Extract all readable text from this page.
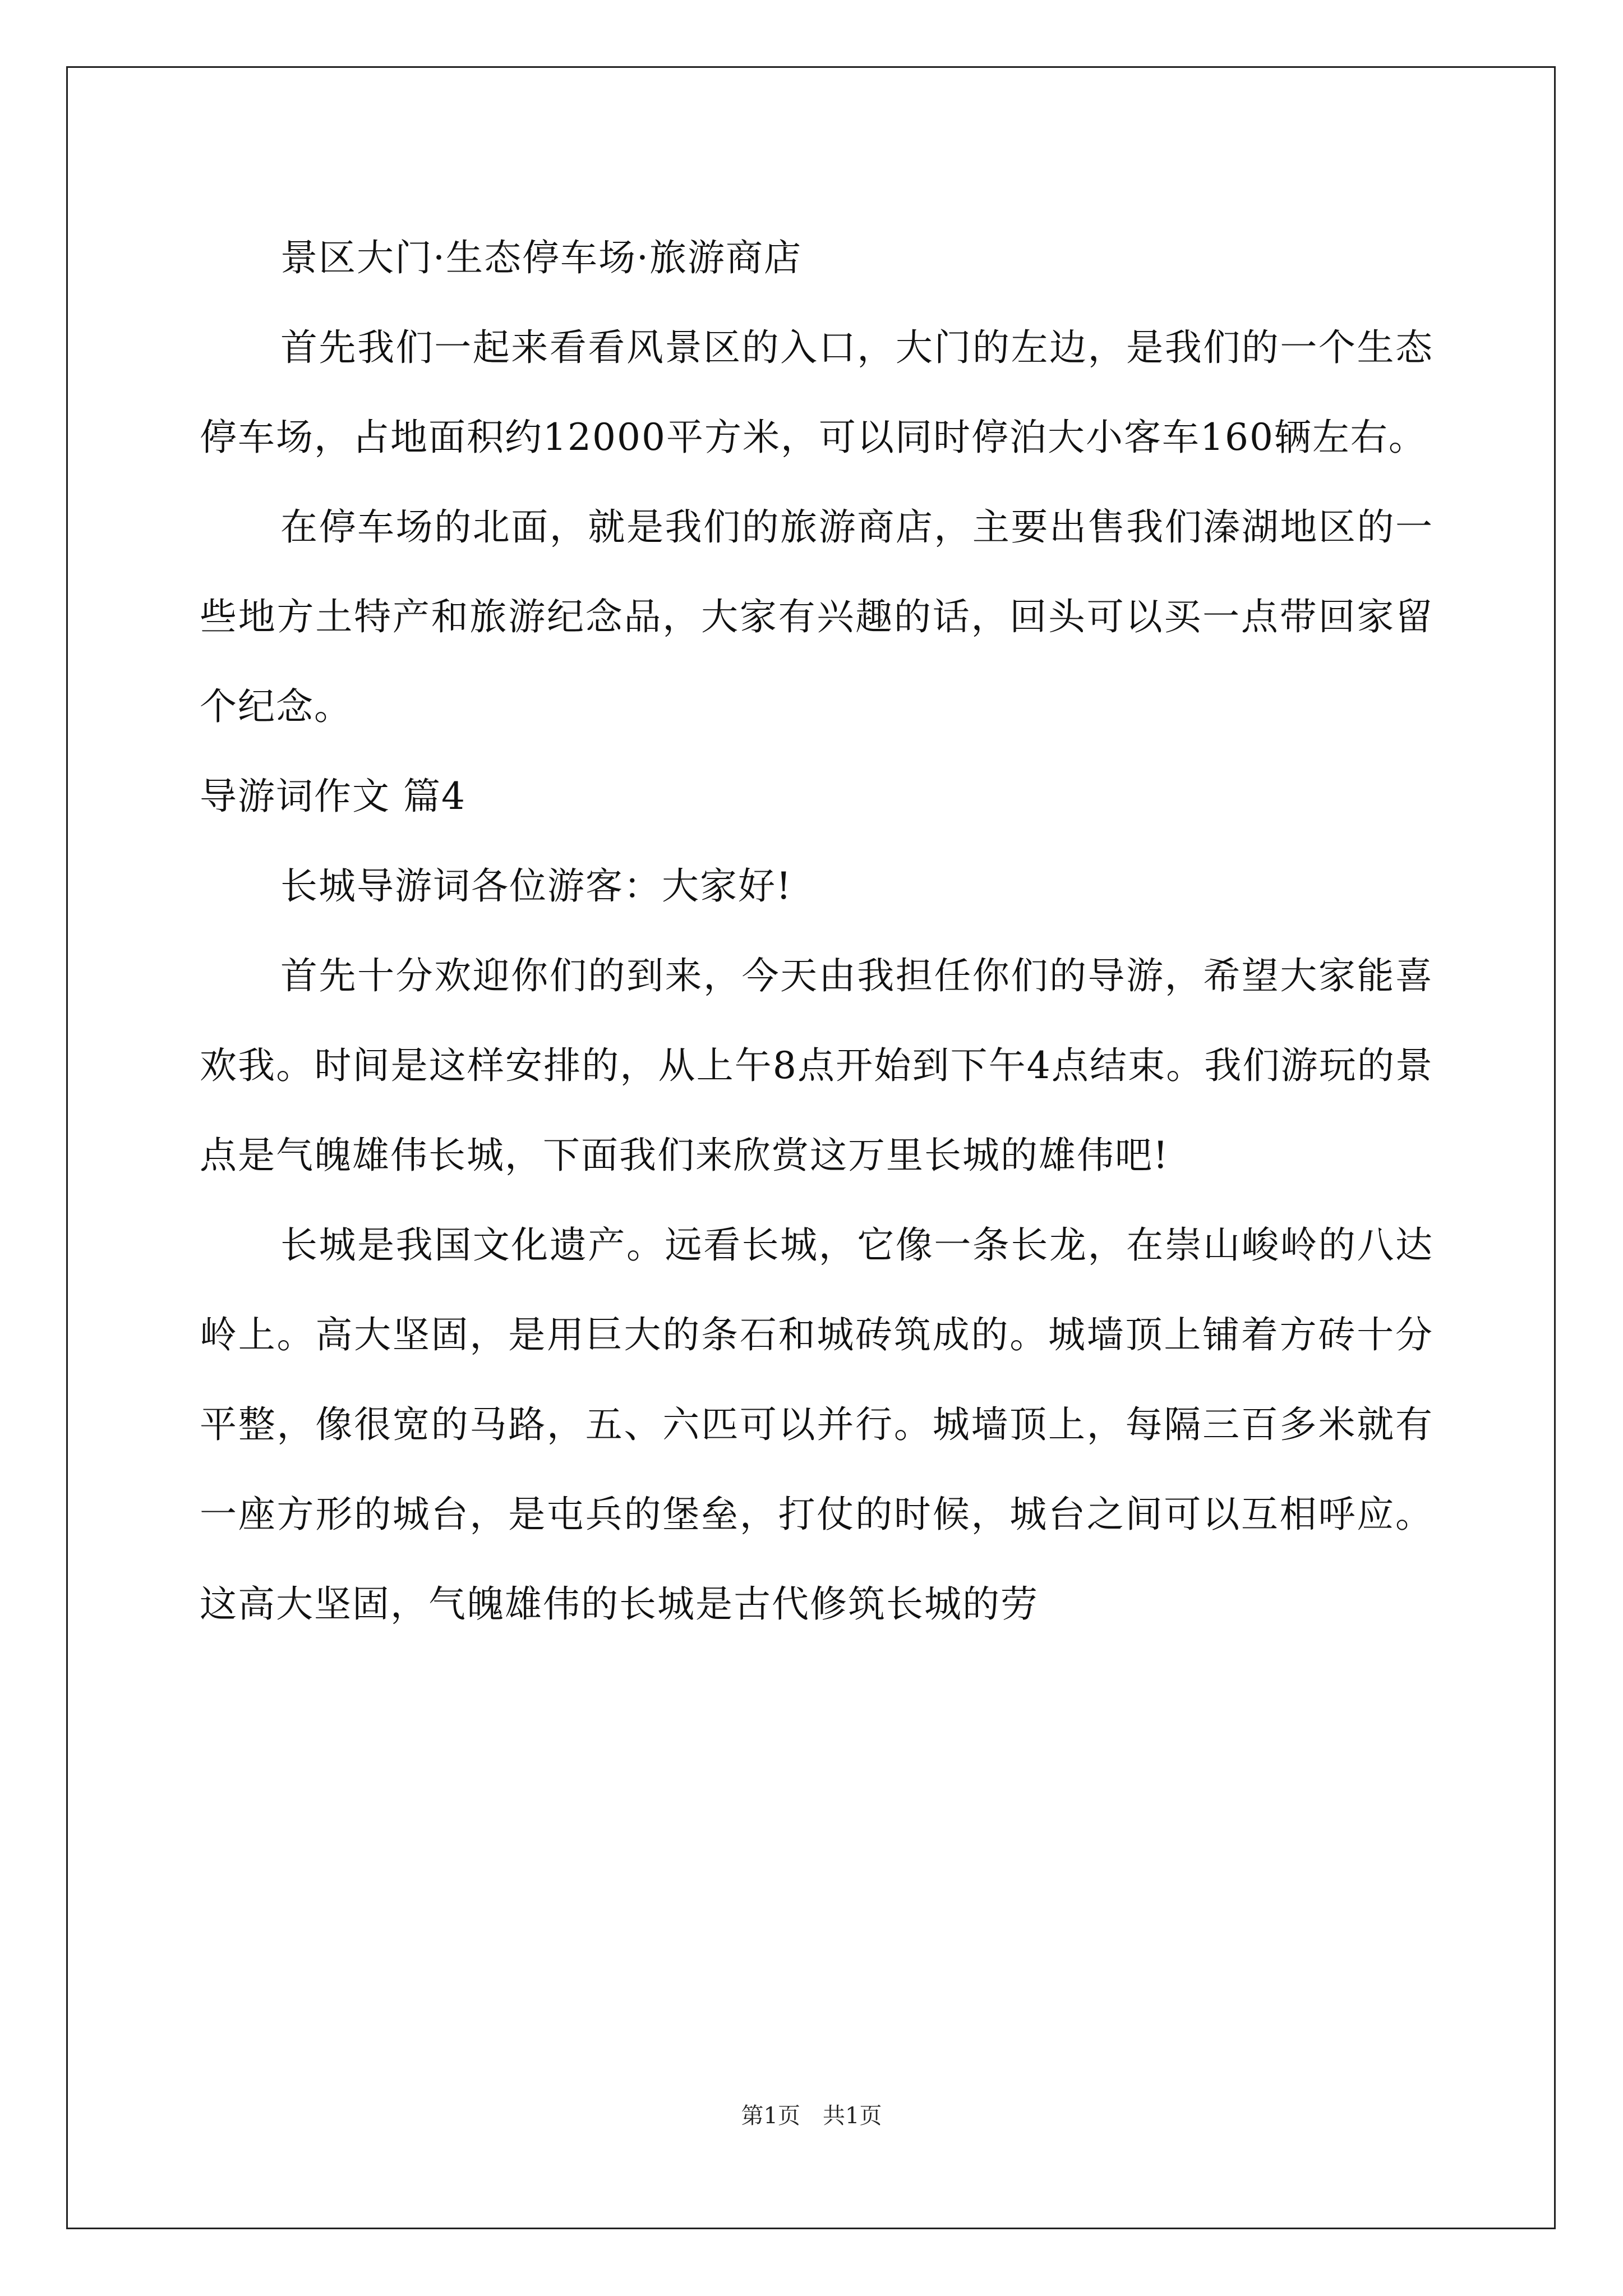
景区大门·生态停车场·旅游商店

首先我们一起来看看风景区的入口，大门的左边，是我们的一个生态停车场，占地面积约12000平方米，可以同时停泊大小客车160辆左右。

在停车场的北面，就是我们的旅游商店，主要出售我们溱湖地区的一些地方土特产和旅游纪念品，大家有兴趣的话，回头可以买一点带回家留个纪念。

导游词作文 篇4

长城导游词各位游客：大家好!

首先十分欢迎你们的到来，今天由我担任你们的导游，希望大家能喜欢我。时间是这样安排的，从上午8点开始到下午4点结束。我们游玩的景点是气魄雄伟长城，下面我们来欣赏这万里长城的雄伟吧!

长城是我国文化遗产。远看长城，它像一条长龙，在崇山峻岭的八达岭上。高大坚固，是用巨大的条石和城砖筑成的。城墙顶上铺着方砖十分平整，像很宽的马路，五、六匹可以并行。城墙顶上，每隔三百多米就有一座方形的城台，是屯兵的堡垒，打仗的时候，城台之间可以互相呼应。这高大坚固，气魄雄伟的长城是古代修筑长城的劳

第1页　共1页
